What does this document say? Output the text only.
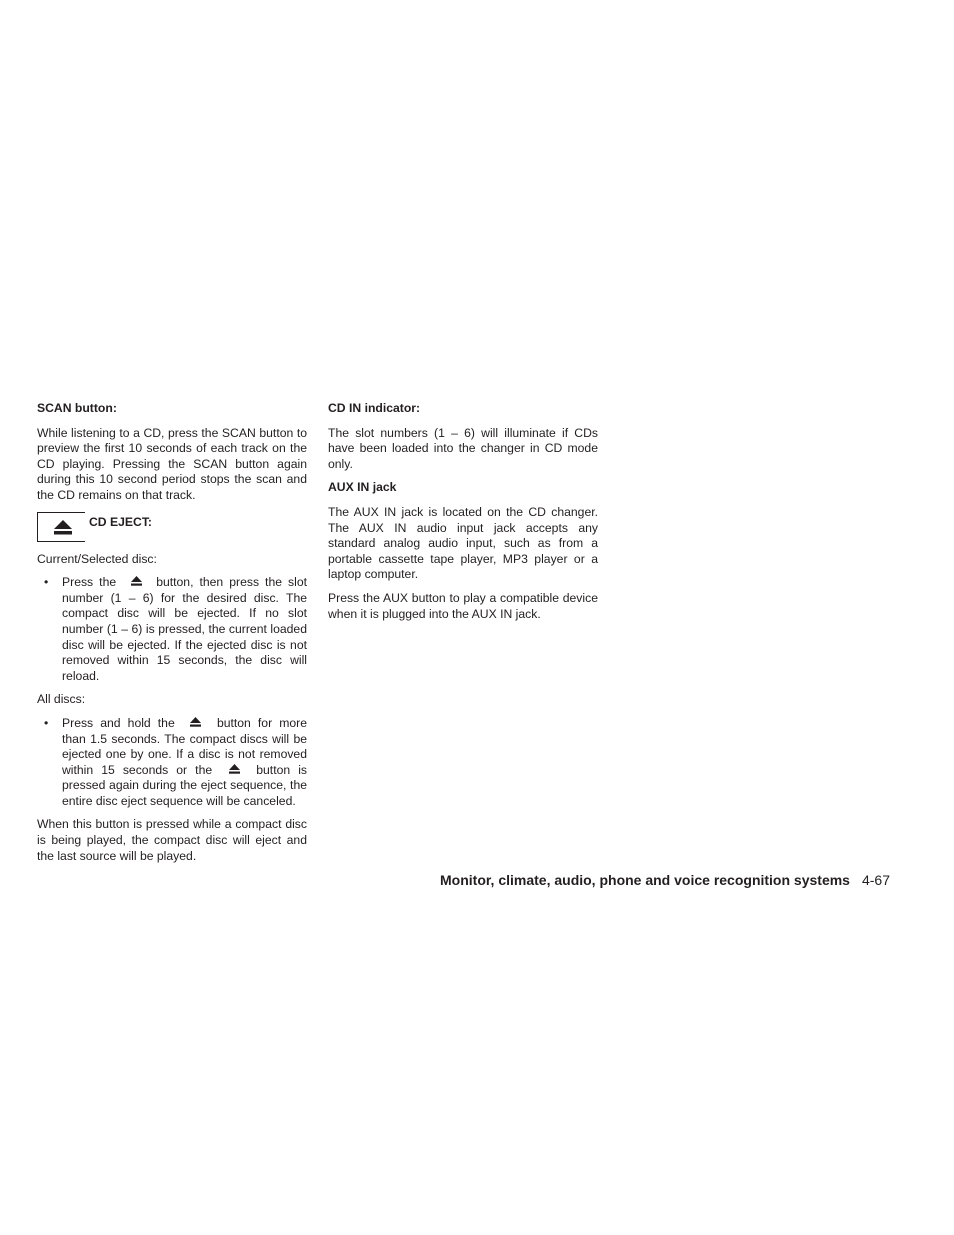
SCAN button:

While listening to a CD, press the SCAN button to preview the first 10 seconds of each track on the CD playing. Pressing the SCAN button again during this 10 second period stops the scan and the CD remains on that track.

CD EJECT:

Current/Selected disc:

• Press the	button, then press the slot number (1 – 6) for the desired disc. The compact disc will be ejected. If no slot number (1 – 6) is pressed, the current loaded disc will be ejected. If the ejected disc is not removed within 15 seconds, the disc will reload.

All discs:

• Press and hold the	button for more than 1.5 seconds. The compact discs will be ejected one by one. If a disc is not removed within 15 seconds or the	button is pressed again during the eject sequence, the entire disc eject sequence will be canceled.

When this button is pressed while a compact disc is being played, the compact disc will eject and the last source will be played.

CD IN indicator:

The slot numbers (1 – 6) will illuminate if CDs have been loaded into the changer in CD mode only.

AUX IN jack

The AUX IN jack is located on the CD changer. The AUX IN audio input jack accepts any standard analog audio input, such as from a portable cassette tape player, MP3 player or a laptop computer.

Press the AUX button to play a compatible device when it is plugged into the AUX IN jack.

Monitor, climate, audio, phone and voice recognition systems 4-67
